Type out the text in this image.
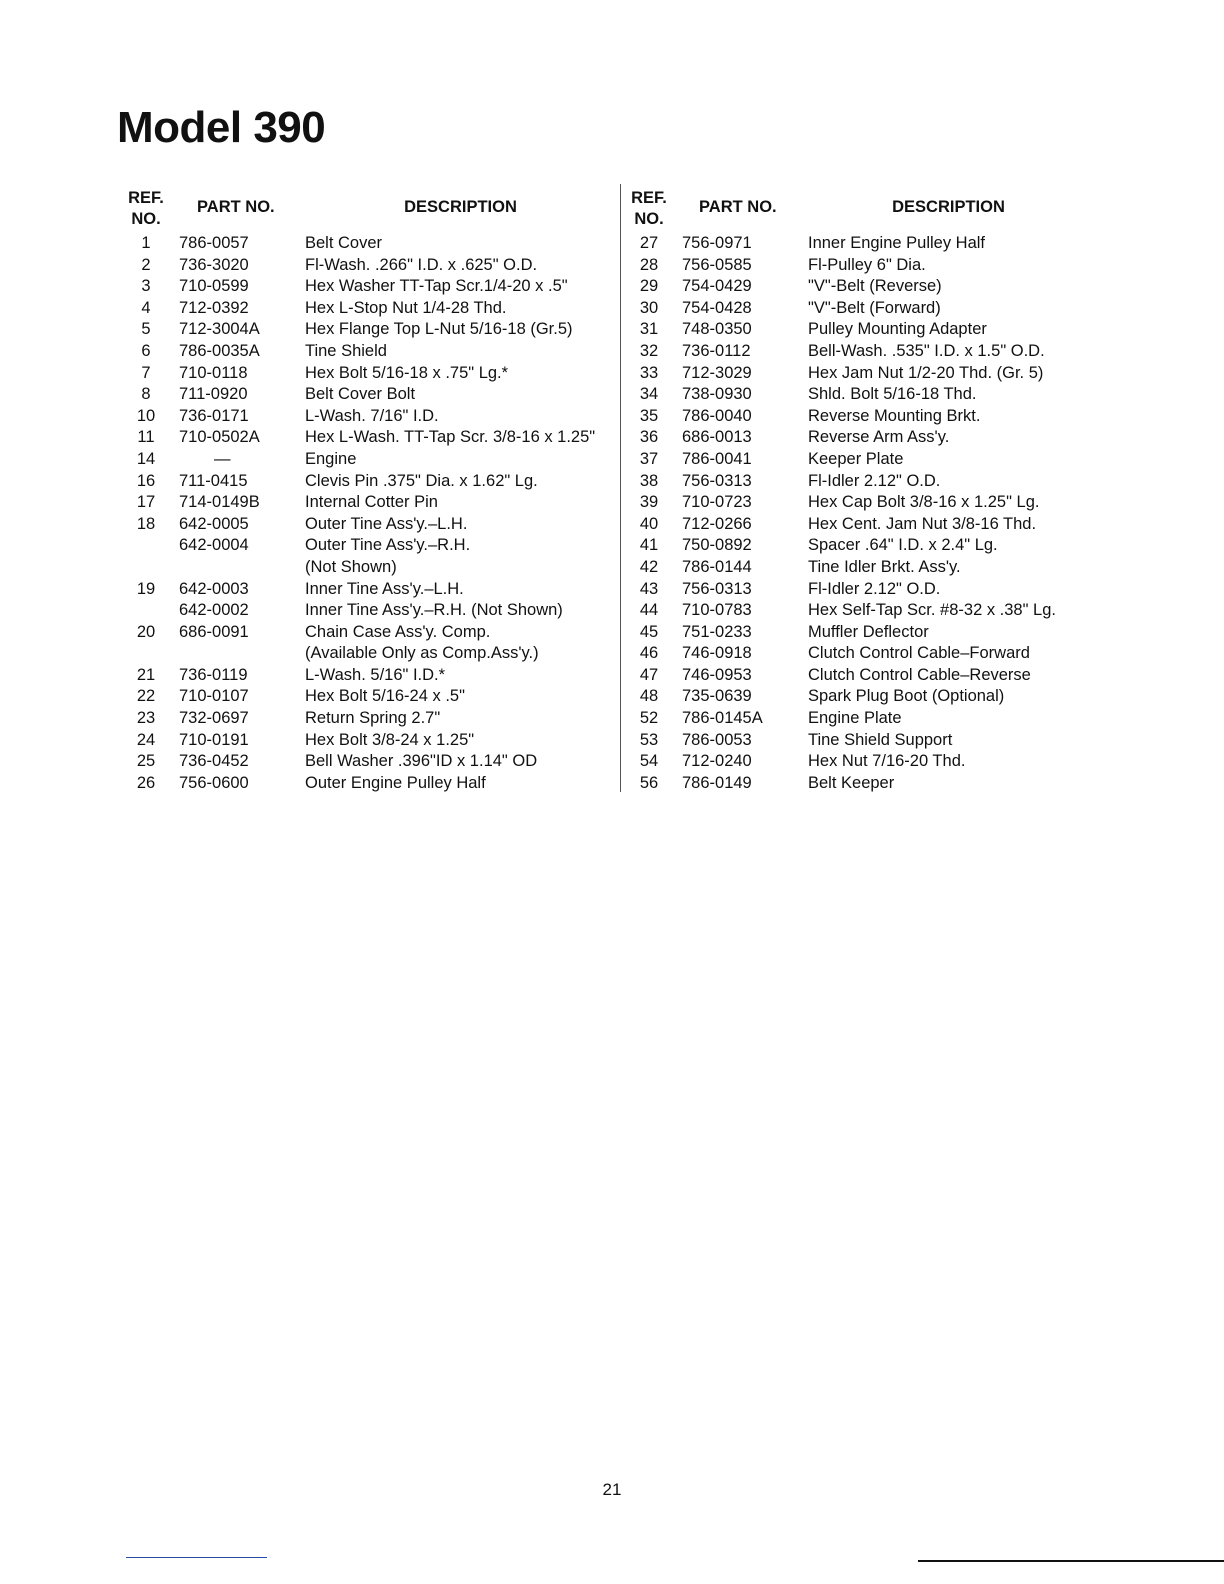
Model 390
REF.
NO.
PART NO.	DESCRIPTION
1	786-0057	Belt Cover
2	736-3020	Fl-Wash. .266" I.D. x .625" O.D.
3	710-0599	Hex Washer TT-Tap Scr.1/4-20 x .5"
4	712-0392	Hex L-Stop Nut 1/4-28 Thd.
5	712-3004A	Hex Flange Top L-Nut 5/16-18 (Gr.5)
6	786-0035A	Tine Shield
7	710-0118	Hex Bolt 5/16-18 x .75" Lg.*
8	711-0920	Belt Cover Bolt
10	736-0171	L-Wash. 7/16" I.D.
11	710-0502A	Hex L-Wash. TT-Tap Scr. 3/8-16 x 1.25"
14	—	Engine
16	711-0415	Clevis Pin .375" Dia. x 1.62" Lg.
17	714-0149B	Internal Cotter Pin
18	642-0005	Outer Tine Ass'y.–L.H.
642-0004	Outer Tine Ass'y.–R.H.
(Not Shown)
19	642-0003	Inner Tine Ass'y.–L.H.
642-0002	Inner Tine Ass'y.–R.H. (Not Shown)
20	686-0091	Chain Case Ass'y. Comp.
(Available Only as Comp.Ass'y.)
21	736-0119	L-Wash. 5/16" I.D.*
22	710-0107	Hex Bolt 5/16-24 x .5"
23	732-0697	Return Spring 2.7"
24	710-0191	Hex Bolt 3/8-24 x 1.25"
25	736-0452	Bell Washer .396"ID x 1.14" OD
26	756-0600	Outer Engine Pulley Half
REF.
NO.
PART NO.	DESCRIPTION
27	756-0971	Inner Engine Pulley Half
28	756-0585	Fl-Pulley 6" Dia.
29	754-0429	"V"-Belt (Reverse)
30	754-0428	"V"-Belt (Forward)
31	748-0350	Pulley Mounting Adapter
32	736-0112	Bell-Wash. .535" I.D. x 1.5" O.D.
33	712-3029	Hex Jam Nut 1/2-20 Thd. (Gr. 5)
34	738-0930	Shld. Bolt 5/16-18 Thd.
35	786-0040	Reverse Mounting Brkt.
36	686-0013	Reverse Arm Ass'y.
37	786-0041	Keeper Plate
38	756-0313	Fl-Idler 2.12" O.D.
39	710-0723	Hex Cap Bolt 3/8-16 x 1.25" Lg.
40	712-0266	Hex Cent. Jam Nut 3/8-16 Thd.
41	750-0892	Spacer .64" I.D. x 2.4" Lg.
42	786-0144	Tine Idler Brkt. Ass'y.
43	756-0313	Fl-Idler 2.12" O.D.
44	710-0783	Hex Self-Tap Scr. #8-32 x .38" Lg.
45	751-0233	Muffler Deflector
46	746-0918	Clutch Control Cable–Forward
47	746-0953	Clutch Control Cable–Reverse
48	735-0639	Spark Plug Boot (Optional)
52	786-0145A	Engine Plate
53	786-0053	Tine Shield Support
54	712-0240	Hex Nut 7/16-20 Thd.
56	786-0149	Belt Keeper
21
